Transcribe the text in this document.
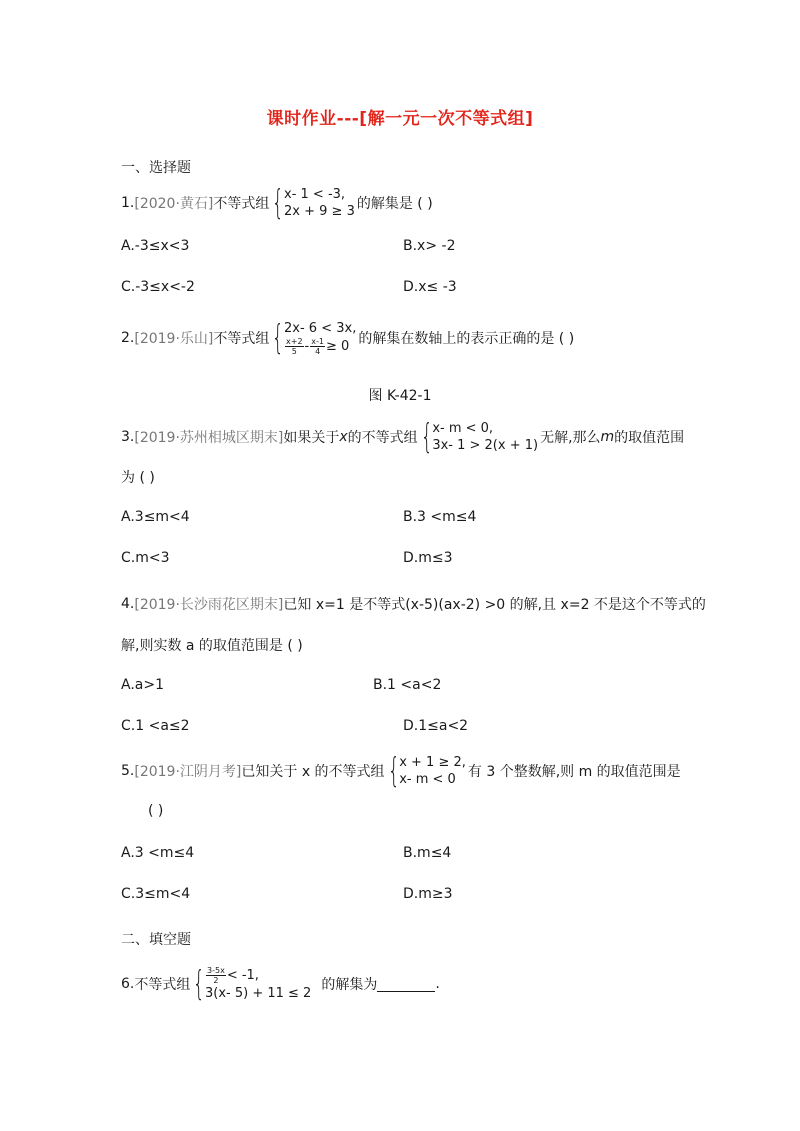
课时作业---[解一元一次不等式组]
一、选择题
1. [2020·黄石] 不等式组 { x- 1 < -3,
2x + 9 ≥ 3 的解集是 ( )
A.-3≤x<3	B.x> -2
C.-3≤x<-2	D.x≤ -3
2. [2019·乐山] 不等式组 { 2x- 6 < 3x,
$\frac{x+2}{5} - \frac{x-1}{4} \ge 0$ 的解集在数轴上的表示正确的是 ( )
图 K-42-1
3. [2019·苏州相城区期末] 如果关于 x 的不等式组 { x- m < 0,
3x- 1 > 2(x + 1) 无解,那么 m 的取值范围
为 ( )
A.3≤m<4	B.3 <m≤4
C.m<3	D.m≤3
4. [2019·长沙雨花区期末] 已知 x=1 是不等式(x-5)(ax-2) >0 的解,且 x=2 不是这个不等式的
解,则实数 a 的取值范围是 ( )
A.a>1	B.1 <a<2
C.1 <a≤2	D.1≤a<2
5. [2019·江阴月考] 已知关于 x 的不等式组 { x + 1 ≥ 2,
x- m < 0 有 3 个整数解,则 m 的取值范围是
( )
A.3 <m≤4	B.m≤4
C.3≤m<4	D.m≥3
二、填空题
6. 不等式组 { $\frac{3-5x}{2} < -1$,
3(x- 5) + 11 ≤ 2
的解集为	.
